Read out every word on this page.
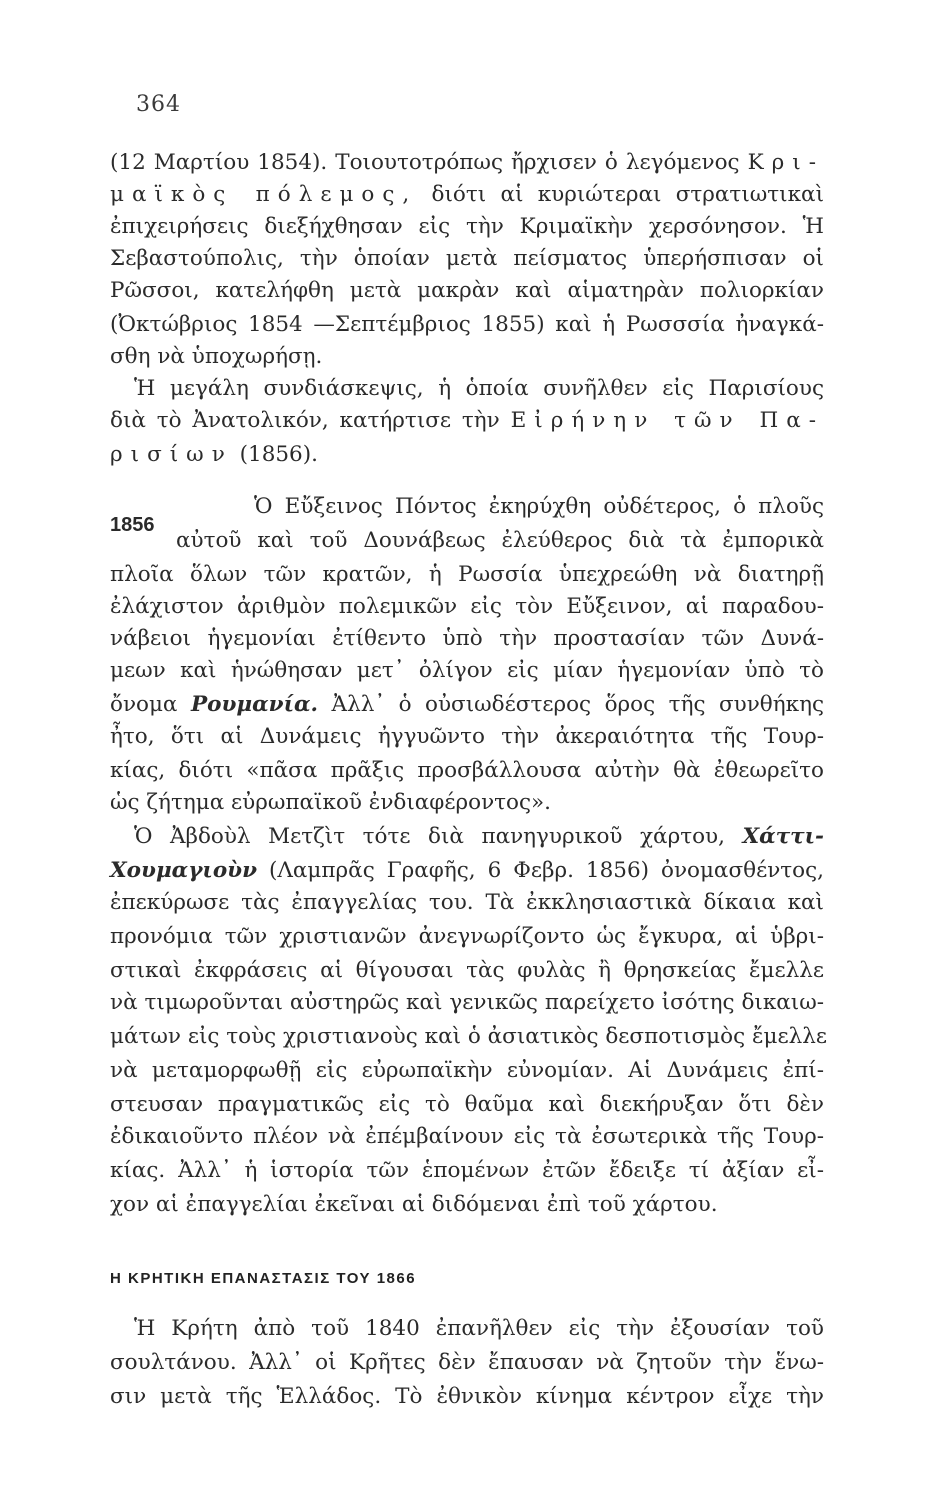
364
(12 Μαρτίου 1854). Τοιουτοτρόπως ἤρχισεν ὁ λεγόμενος Κρι-
μαϊκὸς πόλεμος, διότι αἱ κυριώτεραι στρατιωτικαὶ
ἐπιχειρήσεις διεξήχθησαν εἰς τὴν Κριμαϊκὴν χερσόνησον. Ἡ
Σεβαστούπολις, τὴν ὁποίαν μετὰ πείσματος ὑπερήσπισαν οἱ
Ρῶσσοι, κατελήφθη μετὰ μακρὰν καὶ αἱματηρὰν πολιορκίαν
(Ὀκτώβριος 1854 —Σεπτέμβριος 1855) καὶ ἡ Ρωσσσία ἠναγκά-
σθη νὰ ὑποχωρήσῃ.
Ἡ μεγάλη συνδιάσκεψις, ἡ ὁποία συνῆλθεν εἰς Παρισίους
διὰ τὸ Ἀνατολικόν, κατήρτισε τὴν Εἰρήνην τῶν Πα-
ρισίων (1856).
1856
Ὁ Εὔξεινος Πόντος ἐκηρύχθη οὐδέτερος, ὁ πλοῦς
αὐτοῦ καὶ τοῦ Δουνάβεως ἐλεύθερος διὰ τὰ ἐμπορικὰ
πλοῖα ὅλων τῶν κρατῶν, ἡ Ρωσσία ὑπεχρεώθη νὰ διατηρῇ
ἐλάχιστον ἀριθμὸν πολεμικῶν εἰς τὸν Εὔξεινον, αἱ παραδου-
νάβειοι ἡγεμονίαι ἐτίθεντο ὑπὸ τὴν προστασίαν τῶν Δυνά-
μεων καὶ ἡνώθησαν μετ᾽ ὀλίγον εἰς μίαν ἡγεμονίαν ὑπὸ τὸ
ὄνομα Ρουμανία. Ἀλλ᾽ ὁ οὐσιωδέστερος ὅρος τῆς συνθήκης
ἦτο, ὅτι αἱ Δυνάμεις ἠγγυῶντο τὴν ἀκεραιότητα τῆς Τουρ-
κίας, διότι «πᾶσα πρᾶξις προσβάλλουσα αὐτὴν θὰ ἐθεωρεῖτο
ὡς ζήτημα εὐρωπαϊκοῦ ἐνδιαφέροντος».
Ὁ Ἀβδοὺλ Μετζὶτ τότε διὰ πανηγυρικοῦ χάρτου, Χάττι-
Χουμαγιοὺν (Λαμπρᾶς Γραφῆς, 6 Φεβρ. 1856) ὀνομασθέντος,
ἐπεκύρωσε τὰς ἐπαγγελίας του. Τὰ ἐκκλησιαστικὰ δίκαια καὶ
προνόμια τῶν χριστιανῶν ἀνεγνωρίζοντο ὡς ἔγκυρα, αἱ ὑβρι-
στικαὶ ἐκφράσεις αἱ θίγουσαι τὰς φυλὰς ἢ θρησκείας ἔμελλε
νὰ τιμωροῦνται αὐστηρῶς καὶ γενικῶς παρείχετο ἰσότης δικαιω-
μάτων εἰς τοὺς χριστιανοὺς καὶ ὁ ἀσιατικὸς δεσποτισμὸς ἔμελλε
νὰ μεταμορφωθῇ εἰς εὐρωπαϊκὴν εὐνομίαν. Αἱ Δυνάμεις ἐπί-
στευσαν πραγματικῶς εἰς τὸ θαῦμα καὶ διεκήρυξαν ὅτι δὲν
ἐδικαιοῦντο πλέον νὰ ἐπέμβαίνουν εἰς τὰ ἐσωτερικὰ τῆς Τουρ-
κίας. Ἀλλ᾽ ἡ ἱστορία τῶν ἑπομένων ἐτῶν ἔδειξε τί ἀξίαν εἶ-
χον αἱ ἐπαγγελίαι ἐκεῖναι αἱ διδόμεναι ἐπὶ τοῦ χάρτου.
Η ΚΡΗΤΙΚΗ ΕΠΑΝΑΣΤΑΣΙΣ ΤΟΥ 1866
Ἡ Κρήτη ἀπὸ τοῦ 1840 ἐπανῆλθεν εἰς τὴν ἐξουσίαν τοῦ
σουλτάνου. Ἀλλ᾽ οἱ Κρῆτες δὲν ἔπαυσαν νὰ ζητοῦν τὴν ἕνω-
σιν μετὰ τῆς Ἑλλάδος. Τὸ ἐθνικὸν κίνημα κέντρον εἶχε τὴν
